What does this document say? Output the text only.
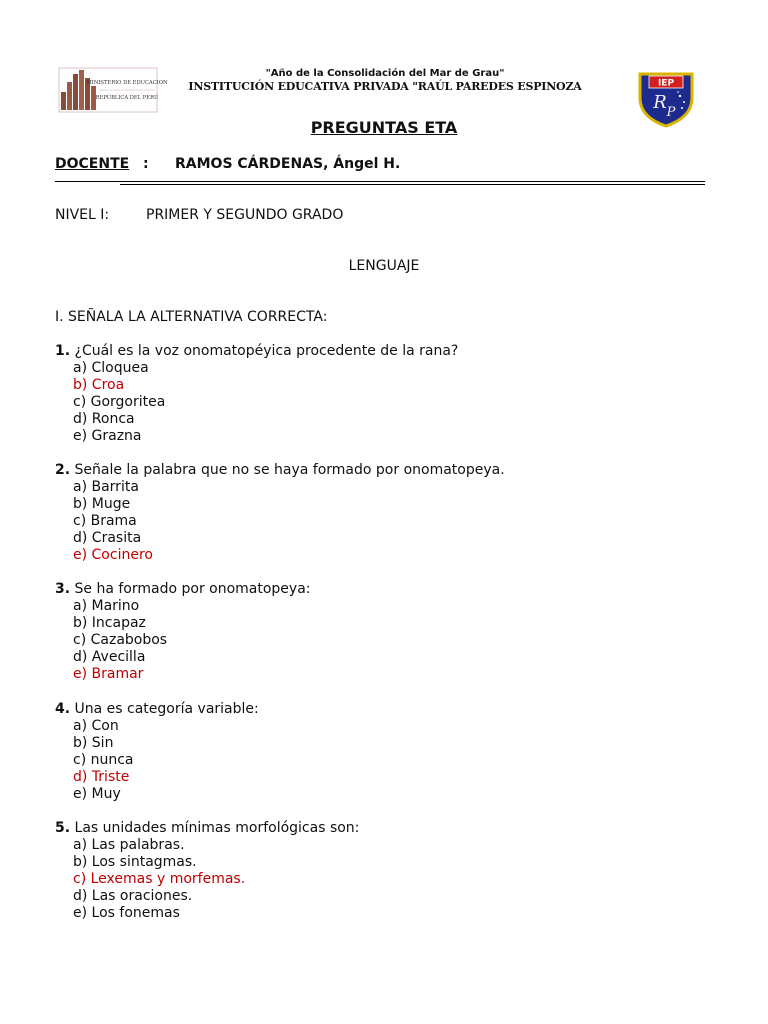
MINISTERIO DE EDUCACION
REPÚBLICA DEL PERÚ
"Año de la Consolidación del Mar de Grau"
INSTITUCIÓN EDUCATIVA PRIVADA "RAÚL PAREDES ESPINOZA	IEP
R P
PREGUNTAS ETA
DOCENTE : RAMOS CÁRDENAS, Ángel H.
NIVEL I:	PRIMER Y SEGUNDO GRADO
LENGUAJE
I. SEÑALA LA ALTERNATIVA CORRECTA:
1. ¿Cuál es la voz onomatopéyica procedente de la rana?
a) Cloquea
b) Croa
c) Gorgoritea
d) Ronca
e) Grazna
2. Señale la palabra que no se haya formado por onomatopeya.
a) Barrita
b) Muge
c) Brama
d) Crasita
e) Cocinero
3. Se ha formado por onomatopeya:
a) Marino
b) Incapaz
c) Cazabobos
d) Avecilla
e) Bramar
4. Una es categoría variable:
a) Con
b) Sin
c) nunca
d) Triste
e) Muy
5. Las unidades mínimas morfológicas son:
a) Las palabras.
b) Los sintagmas.
c) Lexemas y morfemas.
d) Las oraciones.
e) Los fonemas
